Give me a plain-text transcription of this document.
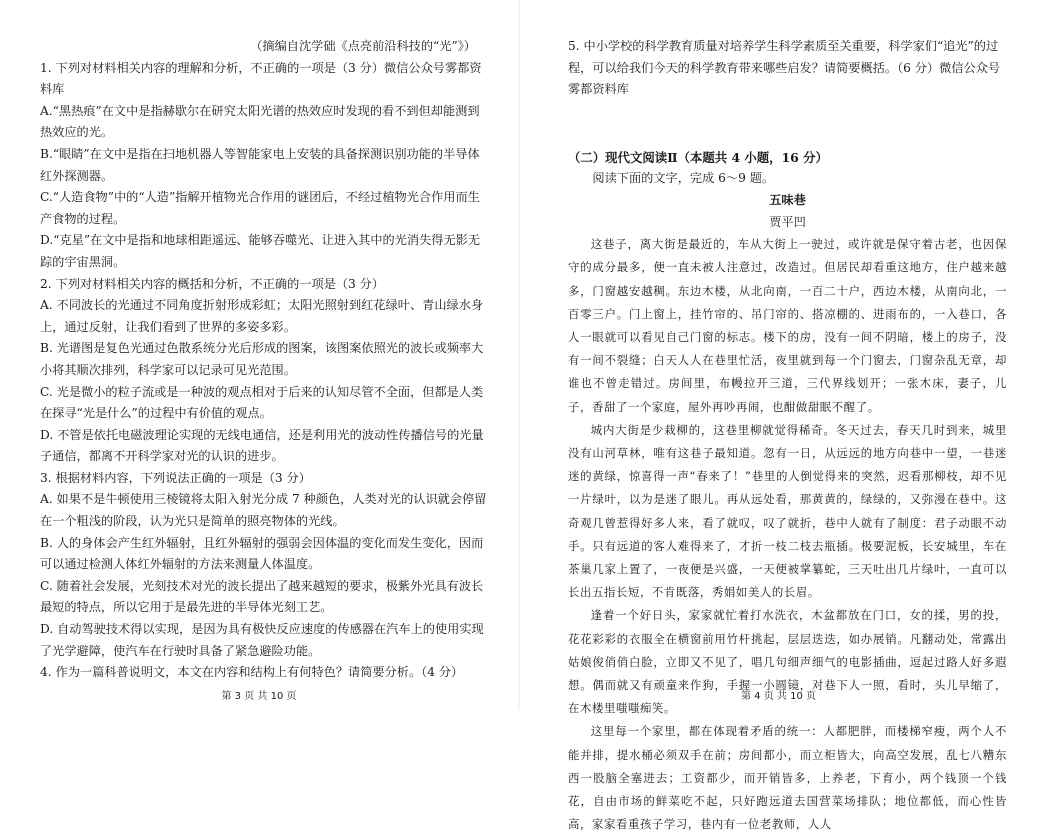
（摘编自沈学础《点亮前沿科技的“光”》）

1. 下列对材料相关内容的理解和分析，不正确的一项是（3 分）微信公众号雾都资料库

A.“黑热痕”在文中是指赫歇尔在研究太阳光谱的热效应时发现的看不到但却能测到热效应的光。

B.“眼睛”在文中是指在扫地机器人等智能家电上安装的具备探测识别功能的半导体红外探测器。

C.“人造食物”中的“人造”指解开植物光合作用的谜团后，不经过植物光合作用而生产食物的过程。

D.“克星”在文中是指和地球相距遥远、能够吞噬光、让进入其中的光消失得无影无踪的宇宙黑洞。

2. 下列对材料相关内容的概括和分析，不正确的一项是（3 分）

A. 不同波长的光通过不同角度折射形成彩虹；太阳光照射到红花绿叶、青山绿水身上，通过反射，让我们看到了世界的多姿多彩。

B. 光谱图是复色光通过色散系统分光后形成的图案，该图案依照光的波长或频率大小将其顺次排列，科学家可以记录可见光范围。

C. 光是微小的粒子流或是一种波的观点相对于后来的认知尽管不全面，但都是人类在探寻“光是什么”的过程中有价值的观点。

D. 不管是依托电磁波理论实现的无线电通信，还是利用光的波动性传播信号的光量子通信，都离不开科学家对光的认识的进步。

3. 根据材料内容，下列说法正确的一项是（3 分）

A. 如果不是牛顿使用三棱镜将太阳入射光分成 7 种颜色，人类对光的认识就会停留在一个粗浅的阶段，认为光只是简单的照亮物体的光线。

B. 人的身体会产生红外辐射，且红外辐射的强弱会因体温的变化而发生变化，因而可以通过检测人体红外辐射的方法来测量人体温度。

C. 随着社会发展，光刻技术对光的波长提出了越来越短的要求，极紫外光具有波长最短的特点，所以它用于是最先进的半导体光刻工艺。

D. 自动驾驶技术得以实现，是因为具有极快反应速度的传感器在汽车上的使用实现了光学避障，使汽车在行驶时具备了紧急避险功能。

4. 作为一篇科普说明文，本文在内容和结构上有何特色？请简要分析。（4 分）

第 3 页 共 10 页

5. 中小学校的科学教育质量对培养学生科学素质至关重要，科学家们“追光”的过程，可以给我们今天的科学教育带来哪些启发？请简要概括。（6 分）微信公众号雾都资料库

（二）现代文阅读Ⅱ（本题共 4 小题，16 分）

阅读下面的文字，完成 6～9 题。

五味巷

贾平凹

这巷子，离大街是最近的，车从大街上一驶过，或许就是保守着古老，也因保守的成分最多，便一直未被人注意过，改造过。但居民却看重这地方，住户越来越多，门窗越安越稠。东边木楼，从北向南，一百二十户，西边木楼，从南向北，一百零三户。门上窗上，挂竹帘的、吊门帘的、搭凉棚的、进雨布的，一入巷口，各人一眼就可以看见自己门窗的标志。楼下的房，没有一间不阴暗，楼上的房子，没有一间不裂缝；白天人人在巷里忙活，夜里就到每一个门窗去，门窗杂乱无章，却谁也不曾走错过。房间里，布幔拉开三道，三代界线划开；一张木床，妻子，儿子，香甜了一个家庭，屋外再吵再闹，也酣做甜眠不醒了。

城内大街是少栽柳的，这巷里柳就觉得稀奇。冬天过去，春天几时到来，城里没有山河草林，唯有这巷子最知道。忽有一日，从远远的地方向巷中一望，一巷迷迷的黄绿，惊喜得一声“春来了！”巷里的人倒觉得来的突然，迟看那柳枝，却不见一片绿叶，以为是迷了眼儿。再从远处看，那黄黄的，绿绿的，又弥漫在巷中。这奇观几曾惹得好多人来，看了就叹，叹了就折，巷中人就有了制度：君子动眼不动手。只有远道的客人难得来了，才折一枝二枝去瓶插。极要泥板，长安城里，车在茶巢几家上置了，一夜便是兴盛，一天便被掌纂蛇，三天吐出几片绿叶，一直可以长出五指长短，不肯既落，秀娟如美人的长眉。

逢着一个好日头，家家就忙着打水洗衣，木盆都放在门口，女的揉，男的投，花花彩彩的衣服全在横窗前用竹杆挑起，层层迭迭，如办展销。凡翻动处，常露出姑娘俊俏俏白脸，立即又不见了，唱几句细声细气的电影插曲，逗起过路人好多遐想。偶而就又有顽童来作狗，手握一小圆镜，对巷下人一照，看时，头儿早缩了，在木楼里嗤嗤痴笑。

这里每一个家里，都在体现着矛盾的统一：人都肥胖，而楼梯窄瘦，两个人不能并排，提水桶必须双手在前；房间都小，而立柜皆大，向高空发展，乱七八糟东西一股脑全塞进去；工资都少，而开销皆多，上养老，下育小，两个钱顶一个钱花，自由市场的鲜菜吃不起，只好跑远道去国营菜场排队；地位都低，而心性皆高，家家看重孩子学习，巷内有一位老教师，人人

第 4 页 共 10 页
